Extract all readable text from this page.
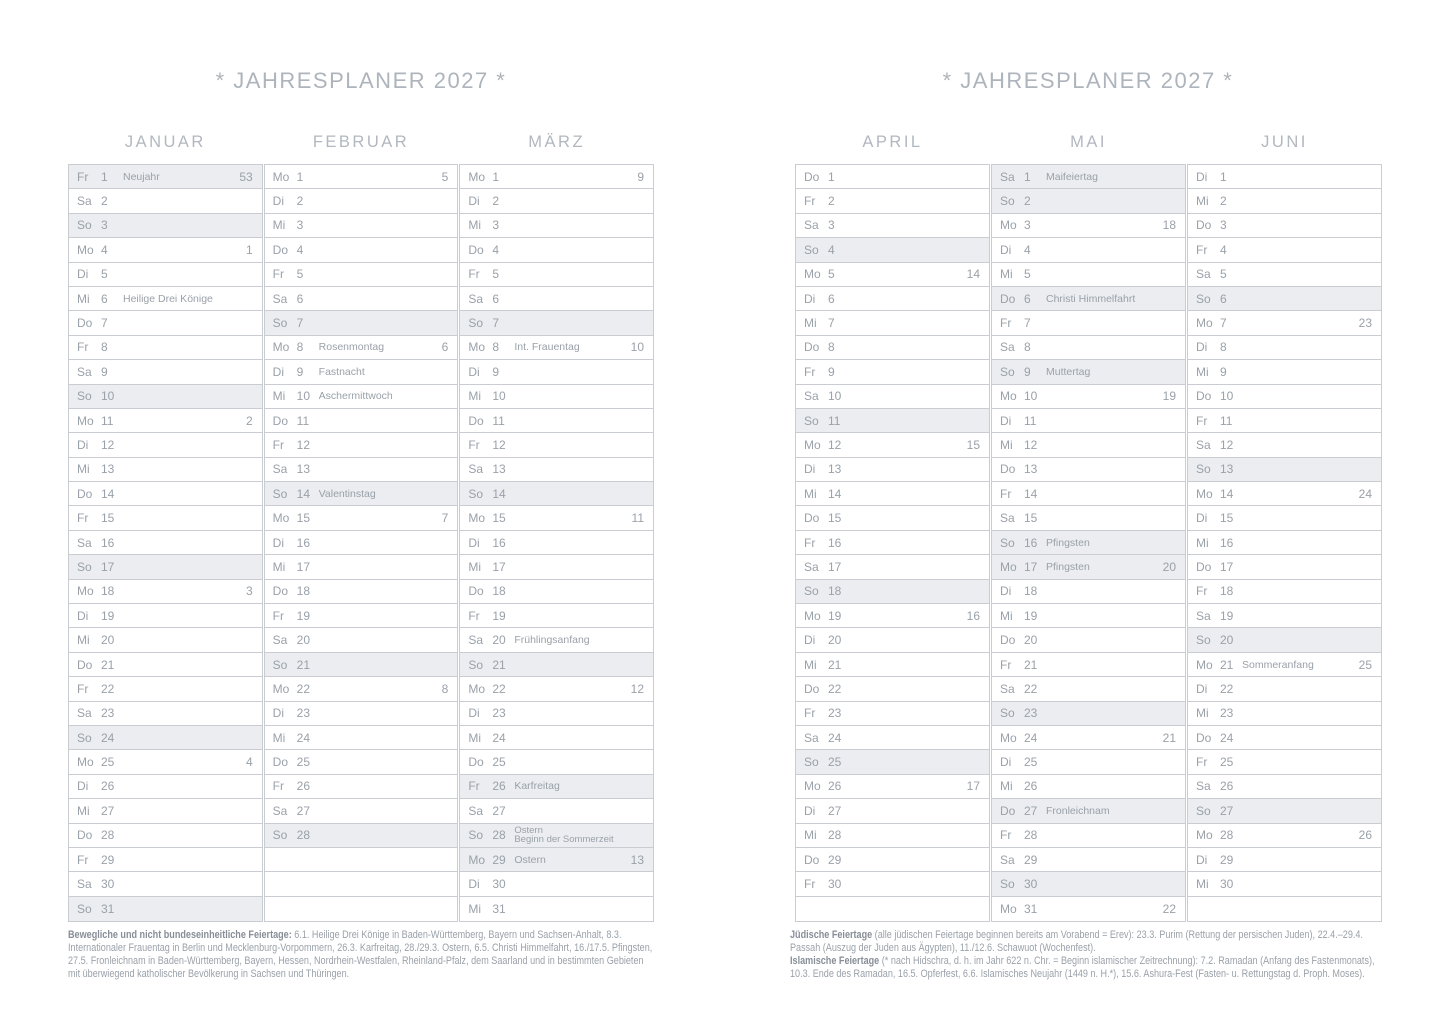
* JAHRESPLANER 2027 *	* JAHRESPLANER 2027 *
JANUAR
Fr	1	Neujahr	53
Sa 2
So 3
Mo 4	1
Di	5
Mi 6	Heilige Drei Könige
Do 7
Fr	8
Sa 9
So 10
Mo 11	2
Di	12
Mi 13
Do 14
Fr	15
Sa 16
So 17
Mo 18	3
Di	19
Mi 20
Do 21
Fr	22
Sa 23
So 24
Mo 25	4
Di	26
Mi 27
Do 28
Fr	29
Sa 30
So 31
FEBRUAR
Mo 1	5
Di	2
Mi 3
Do 4
Fr	5
Sa 6
So 7
Mo 8	Rosenmontag	6
Di	9	Fastnacht
Mi 10 Aschermittwoch
Do 11
Fr	12
Sa 13
So 14 Valentinstag
Mo 15	7
Di	16
Mi 17
Do 18
Fr	19
Sa 20
So 21
Mo 22	8
Di	23
Mi 24
Do 25
Fr	26
Sa 27
So 28
MÄRZ
Mo 1	9
Di	2
Mi 3
Do 4
Fr	5
Sa 6
So 7
Mo 8	Int. Frauentag	10
Di	9
Mi 10
Do 11
Fr	12
Sa 13
So 14
Mo 15	11
Di	16
Mi 17
Do 18
Fr	19
Sa 20 Frühlingsanfang
So 21
Mo 22	12
Di	23
Mi 24
Do 25
Fr	26 Karfreitag
Sa 27
So 28 Ostern
Beginn der Sommerzeit
Mo 29 Ostern	13
Di	30
Mi 31
APRIL
Do 1
Fr	2
Sa 3
So 4
Mo 5	14
Di	6
Mi 7
Do 8
Fr	9
Sa 10
So 11
Mo 12	15
Di	13
Mi 14
Do 15
Fr	16
Sa 17
So 18
Mo 19	16
Di	20
Mi 21
Do 22
Fr	23
Sa 24
So 25
Mo 26	17
Di	27
Mi 28
Do 29
Fr	30
MAI
Sa 1	Maifeiertag
So 2
Mo 3	18
Di	4
Mi 5
Do 6	Christi Himmelfahrt
Fr	7
Sa 8
So 9	Muttertag
Mo 10	19
Di	11
Mi 12
Do 13
Fr	14
Sa 15
So 16 Pfingsten
Mo 17 Pfingsten	20
Di	18
Mi 19
Do 20
Fr	21
Sa 22
So 23
Mo 24	21
Di	25
Mi 26
Do 27 Fronleichnam
Fr	28
Sa 29
So 30
Mo 31	22
JUNI
Di	1
Mi 2
Do 3
Fr	4
Sa 5
So 6
Mo 7	23
Di	8
Mi 9
Do 10
Fr	11
Sa 12
So 13
Mo 14	24
Di	15
Mi 16
Do 17
Fr	18
Sa 19
So 20
Mo 21 Sommeranfang	25
Di	22
Mi 23
Do 24
Fr	25
Sa 26
So 27
Mo 28	26
Di	29
Mi 30

Bewegliche und nicht bundeseinheitliche Feiertage: 6.1. Heilige Drei Könige in Baden-Württemberg, Bayern und Sachsen-Anhalt, 8.3. Internationaler Frauentag in Berlin und Mecklenburg-Vorpommern, 26.3. Karfreitag, 28./29.3. Ostern, 6.5. Christi Himmelfahrt, 16./17.5. Pfingsten, 27.5. Fronleichnam in Baden-Württemberg, Bayern, Hessen, Nordrhein-Westfalen, Rheinland-Pfalz, dem Saarland und in bestimmten Gebieten mit überwiegend katholischer Bevölkerung in Sachsen und Thüringen.

Jüdische Feiertage (alle jüdischen Feiertage beginnen bereits am Vorabend = Erev): 23.3. Purim (Rettung der persischen Juden), 22.4.–29.4. Passah (Auszug der Juden aus Ägypten), 11./12.6. Schawuot (Wochenfest).

Islamische Feiertage (* nach Hidschra, d. h. im Jahr 622 n. Chr. = Beginn islamischer Zeitrechnung): 7.2. Ramadan (Anfang des Fastenmonats), 10.3. Ende des Ramadan, 16.5. Opferfest, 6.6. Islamisches Neujahr (1449 n. H.*), 15.6. Ashura-Fest (Fasten- u. Rettungstag d. Proph. Moses).
